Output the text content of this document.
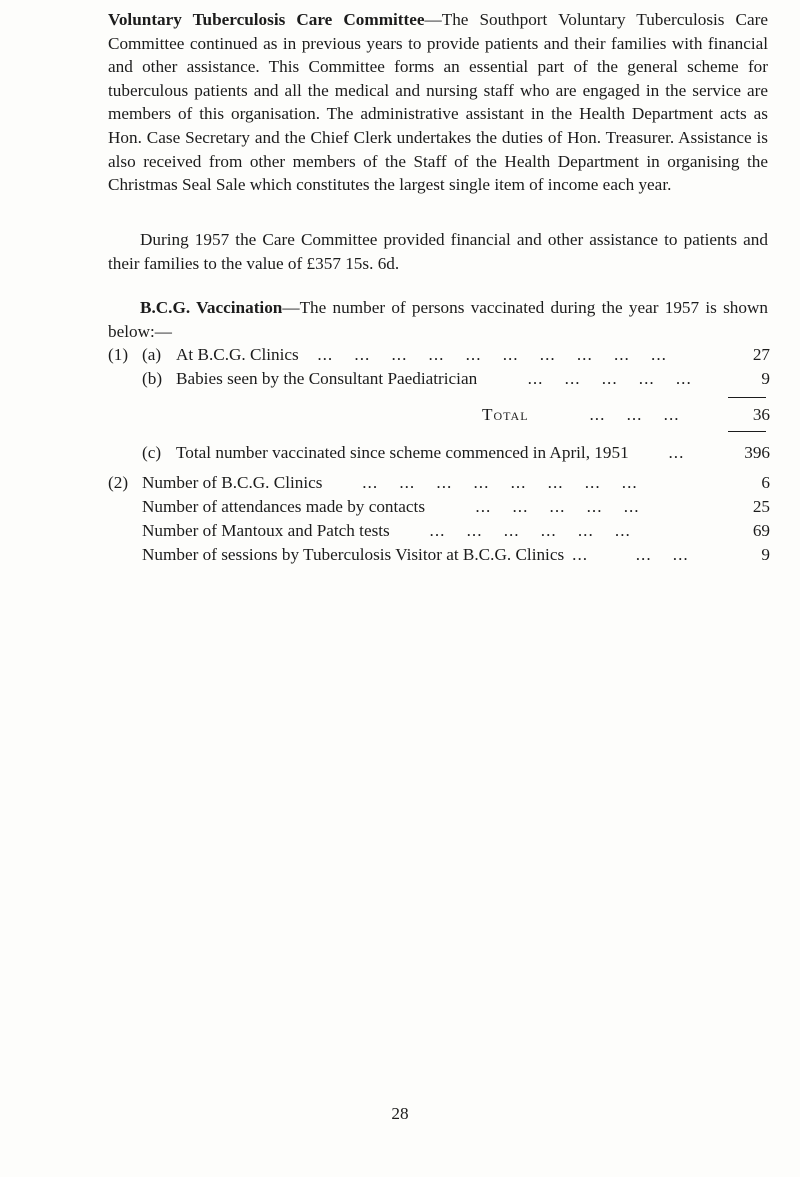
Voluntary Tuberculosis Care Committee—The Southport Voluntary Tuberculosis Care Committee continued as in previous years to provide patients and their families with financial and other assistance. This Committee forms an essential part of the general scheme for tuberculous patients and all the medical and nursing staff who are engaged in the service are members of this organisation. The administrative assistant in the Health Department acts as Hon. Case Secretary and the Chief Clerk undertakes the duties of Hon. Treasurer. Assistance is also received from other members of the Staff of the Health Department in organising the Christmas Seal Sale which constitutes the largest single item of income each year.

During 1957 the Care Committee provided financial and other assistance to patients and their families to the value of £357 15s. 6d.

B.C.G. Vaccination—The number of persons vaccinated during the year 1957 is shown below:—

(1) (a) At B.C.G. Clinics ...    ...    ...    ...    ...    ...    ...    ...    ...    ...	27
(b) Babies seen by the Consultant Paediatrician ...    ...    ...    ...    ...	9
Total ...    ...    ...	36
(c) Total number vaccinated since scheme commenced in April, 1951 ...	396
(2) Number of B.C.G. Clinics ...    ...    ...    ...    ...    ...    ...    ...	6
Number of attendances made by contacts ...    ...    ...    ...    ...	25
Number of Mantoux and Patch tests ...    ...    ...    ...    ...    ...	69
Number of sessions by Tuberculosis Visitor at B.C.G. Clinics ...         ...    ...	9
28
